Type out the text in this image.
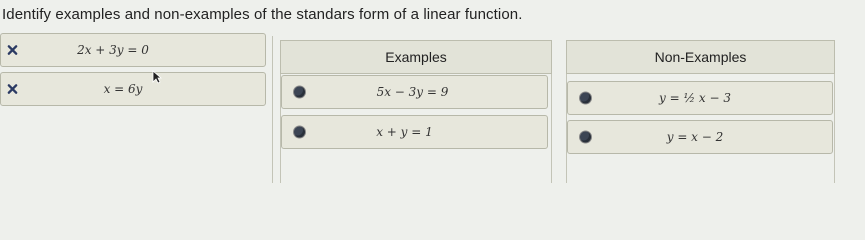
Identify examples and non-examples of the standars form of a linear function.
2x + 3y = 0
x = 6y
Examples	Non-Examples
5x − 3y = 9
x + y = 1
y = ½ x − 3
y = x − 2
